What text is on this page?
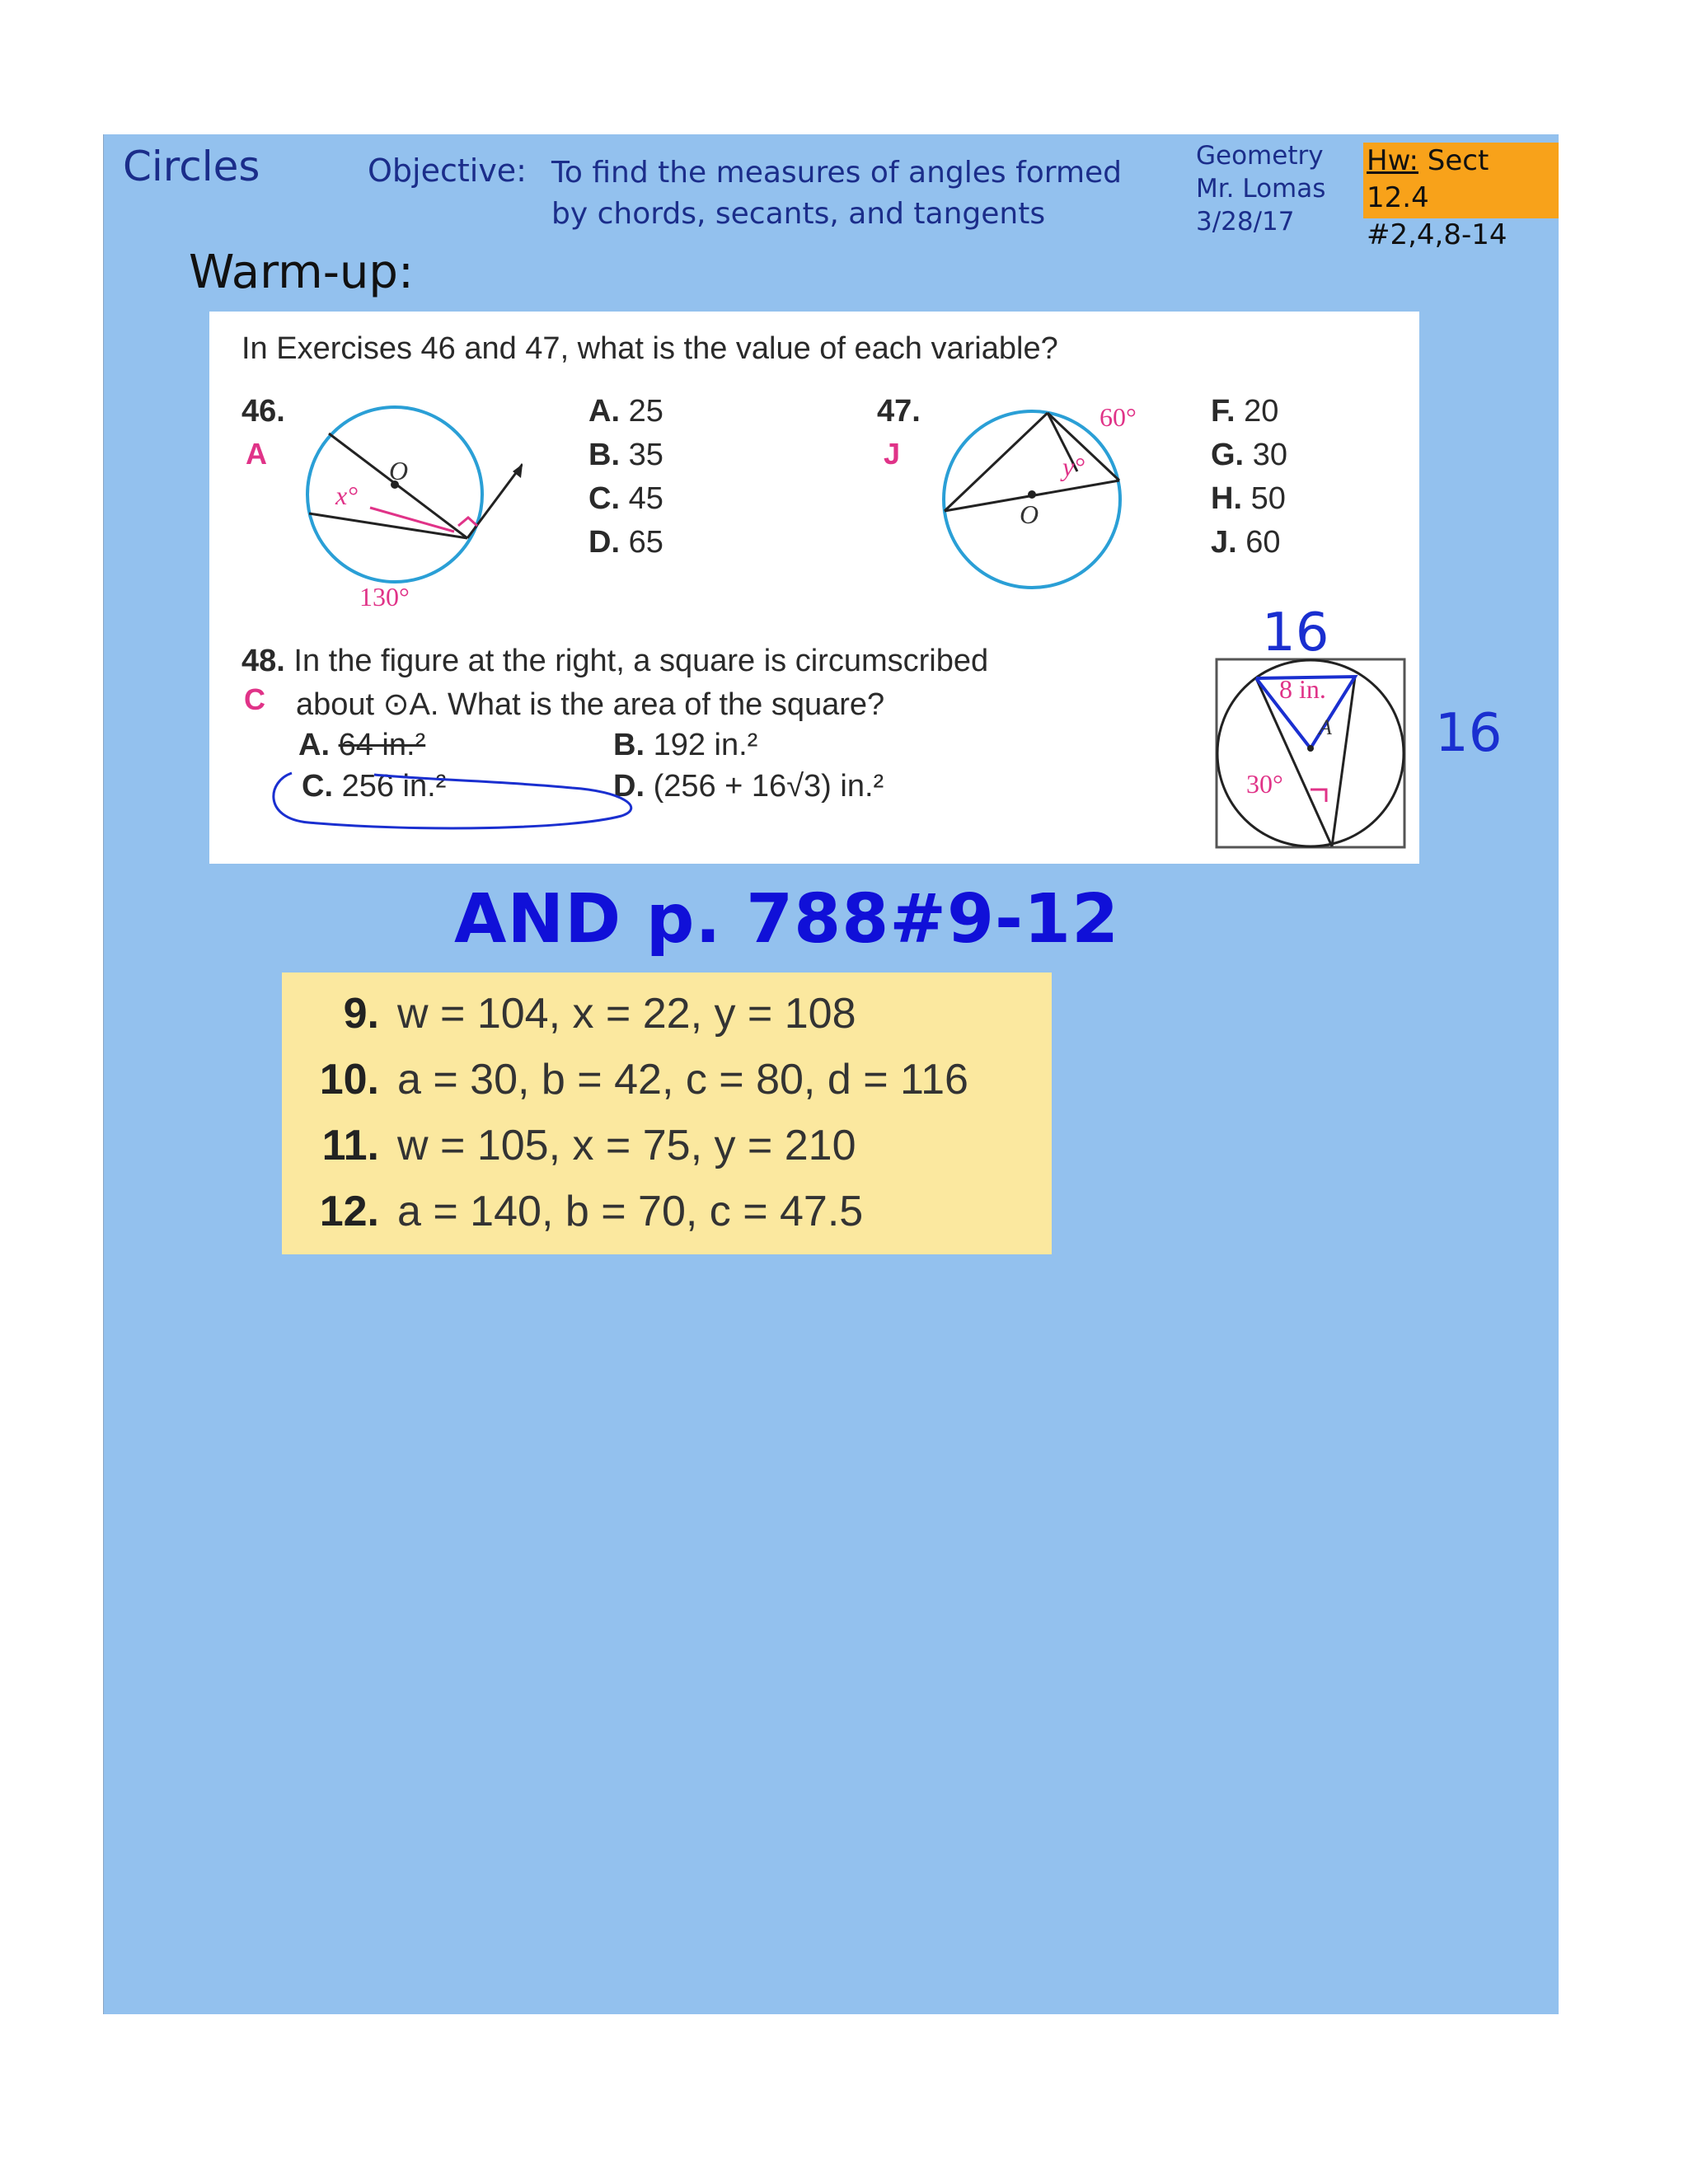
Circles	Objective: To find the measures of angles formed
by chords, secants, and tangents
Geometry
Mr. Lomas
3/28/17
Hw: Sect 12.4
#2,4,8-14
Warm-up:
In Exercises 46 and 47, what is the value of each variable?
46.
A	O
x°
130°
A. 25
B. 35
C. 45
D. 65
47.
J
O
y°
60° F. 20
G. 30
H. 50
J. 60
48. In the figure at the right, a square is circumscribed
about ⊙A. What is the area of the square?
C
A. 64 in.²
C. 256 in.²
B. 192 in.²
D. (256 + 16√3) in.²
8 in.
30°
A
16
16
AND p. 788#9-12
9. w = 104, x = 22, y = 108
10. a = 30, b = 42, c = 80, d = 116
11. w = 105, x = 75, y = 210
12. a = 140, b = 70, c = 47.5
